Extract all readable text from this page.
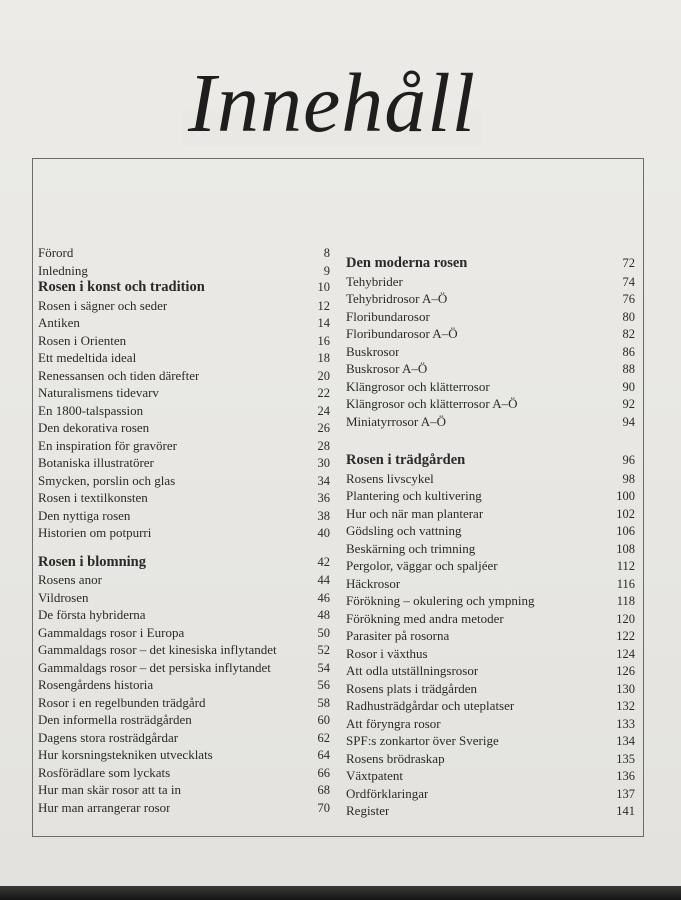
Innehåll
Förord	8
Inledning	9
Rosen i konst och tradition	10
Rosen i sägner och seder	12
Antiken	14
Rosen i Orienten	16
Ett medeltida ideal	18
Renessansen och tiden därefter	20
Naturalismens tidevarv	22
En 1800-talspassion	24
Den dekorativa rosen	26
En inspiration för gravörer	28
Botaniska illustratörer	30
Smycken, porslin och glas	34
Rosen i textilkonsten	36
Den nyttiga rosen	38
Historien om potpurri	40
Rosen i blomning	42
Rosens anor	44
Vildrosen	46
De första hybriderna	48
Gammaldags rosor i Europa	50
Gammaldags rosor – det kinesiska inflytandet	52
Gammaldags rosor – det persiska inflytandet	54
Rosengårdens historia	56
Rosor i en regelbunden trädgård	58
Den informella rosträdgården	60
Dagens stora rosträdgårdar	62
Hur korsningstekniken utvecklats	64
Rosförädlare som lyckats	66
Hur man skär rosor att ta in	68
Hur man arrangerar rosor	70
Den moderna rosen	72
Tehybrider	74
Tehybridrosor A–Ö	76
Floribundarosor	80
Floribundarosor A–Ö	82
Buskrosor	86
Buskrosor A–Ö	88
Klängrosor och klätterrosor	90
Klängrosor och klätterrosor A–Ö	92
Miniatyrrosor A–Ö	94
Rosen i trädgården	96
Rosens livscykel	98
Plantering och kultivering	100
Hur och när man planterar	102
Gödsling och vattning	106
Beskärning och trimning	108
Pergolor, väggar och spaljéer	112
Häckrosor	116
Förökning – okulering och ympning	118
Förökning med andra metoder	120
Parasiter på rosorna	122
Rosor i växthus	124
Att odla utställningsrosor	126
Rosens plats i trädgården	130
Radhusträdgårdar och uteplatser	132
Att föryngra rosor	133
SPF:s zonkartor över Sverige	134
Rosens brödraskap	135
Växtpatent	136
Ordförklaringar	137
Register	141
